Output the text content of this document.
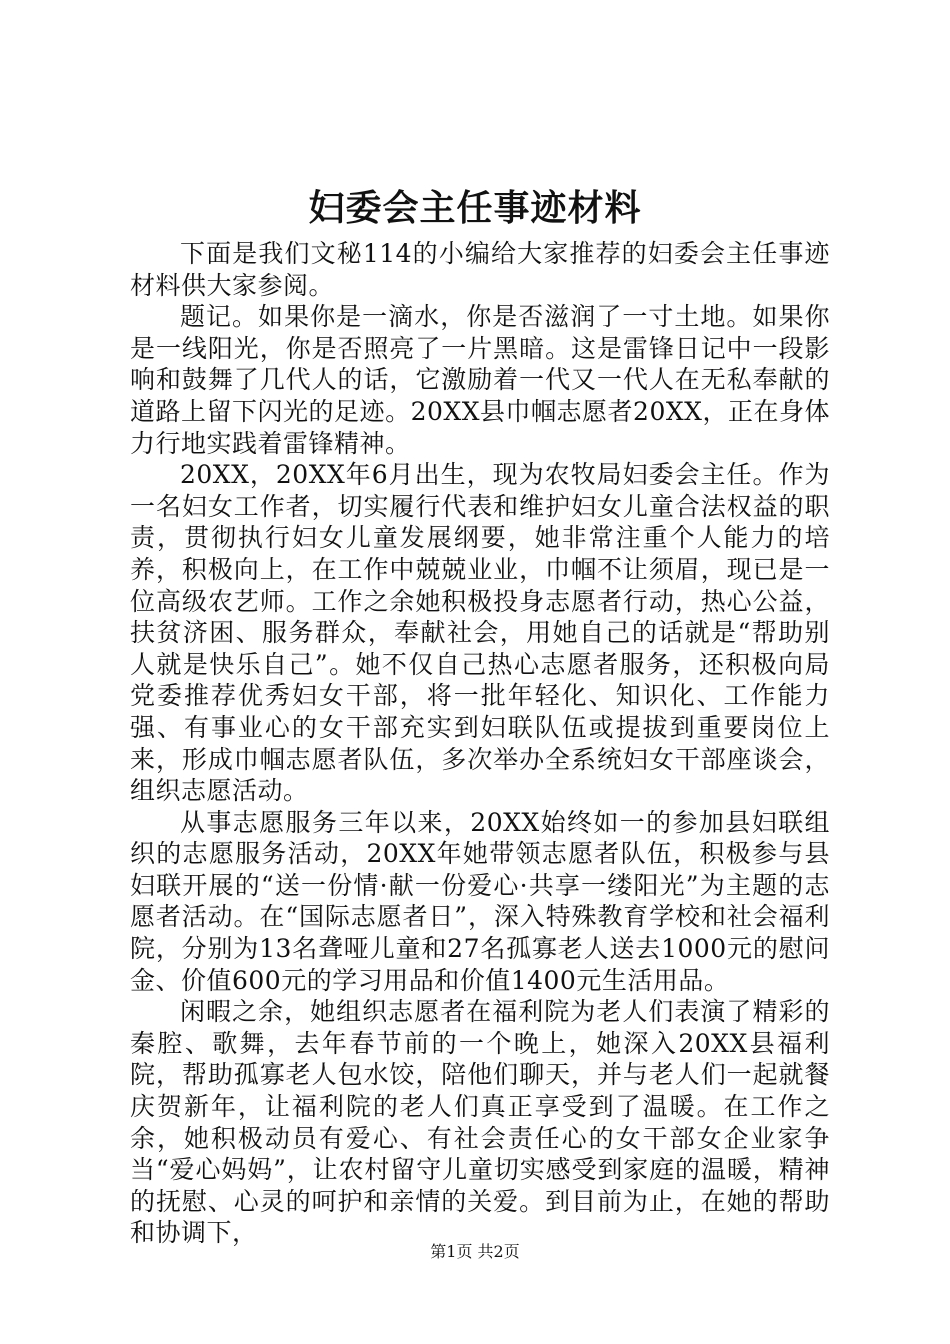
妇委会主任事迹材料

下面是我们文秘114的小编给大家推荐的妇委会主任事迹材料供大家参阅。

题记。如果你是一滴水，你是否滋润了一寸土地。如果你是一线阳光，你是否照亮了一片黑暗。这是雷锋日记中一段影响和鼓舞了几代人的话，它激励着一代又一代人在无私奉献的道路上留下闪光的足迹。20XX县巾帼志愿者20XX，正在身体力行地实践着雷锋精神。

20XX，20XX年6月出生，现为农牧局妇委会主任。作为一名妇女工作者，切实履行代表和维护妇女儿童合法权益的职责，贯彻执行妇女儿童发展纲要，她非常注重个人能力的培养，积极向上，在工作中兢兢业业，巾帼不让须眉，现已是一位高级农艺师。工作之余她积极投身志愿者行动，热心公益，扶贫济困、服务群众，奉献社会，用她自己的话就是“帮助别人就是快乐自己”。她不仅自己热心志愿者服务，还积极向局党委推荐优秀妇女干部，将一批年轻化、知识化、工作能力强、有事业心的女干部充实到妇联队伍或提拔到重要岗位上来，形成巾帼志愿者队伍，多次举办全系统妇女干部座谈会，组织志愿活动。

从事志愿服务三年以来，20XX始终如一的参加县妇联组织的志愿服务活动，20XX年她带领志愿者队伍，积极参与县妇联开展的“送一份情·献一份爱心·共享一缕阳光”为主题的志愿者活动。在“国际志愿者日”，深入特殊教育学校和社会福利院，分别为13名聋哑儿童和27名孤寡老人送去1000元的慰问金、价值600元的学习用品和价值1400元生活用品。

闲暇之余，她组织志愿者在福利院为老人们表演了精彩的秦腔、歌舞，去年春节前的一个晚上，她深入20XX县福利院，帮助孤寡老人包水饺，陪他们聊天，并与老人们一起就餐庆贺新年，让福利院的老人们真正享受到了温暖。在工作之余，她积极动员有爱心、有社会责任心的女干部女企业家争当“爱心妈妈”，让农村留守儿童切实感受到家庭的温暖，精神的抚慰、心灵的呵护和亲情的关爱。到目前为止，在她的帮助和协调下，

第1页 共2页
